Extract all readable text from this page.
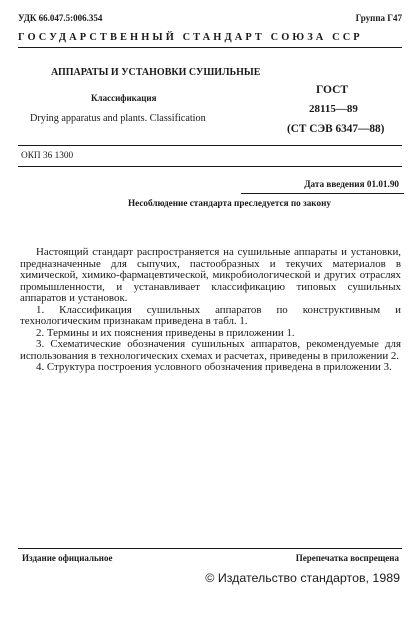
УДК 66.047.5:006.354	Группа Г47
ГОСУДАРСТВЕННЫЙ СТАНДАРТ СОЮЗА ССР
АППАРАТЫ И УСТАНОВКИ СУШИЛЬНЫЕ
Классификация
Drying apparatus and plants. Classification
ГОСТ
28115—89
(СТ СЭВ 6347—88)
ОКП 36 1300
Дата введения 01.01.90
Несоблюдение стандарта преследуется по закону

Настоящий стандарт распространяется на сушильные аппараты и установки, предназначенные для сыпучих, пастообразных и текучих материалов в химической, химико-фармацевтической, микробиологической и других отраслях промышленности, и устанавливает классификацию типовых сушильных аппаратов и установок.

1. Классификация сушильных аппаратов по конструктивным и технологическим признакам приведена в табл. 1.

2. Термины и их пояснения приведены в приложении 1.

3. Схематические обозначения сушильных аппаратов, рекомендуемые для использования в технологических схемах и расчетах, приведены в приложении 2.

4. Структура построения условного обозначения приведена в приложении 3.

Издание официальное	Перепечатка воспрещена
© Издательство стандартов, 1989
